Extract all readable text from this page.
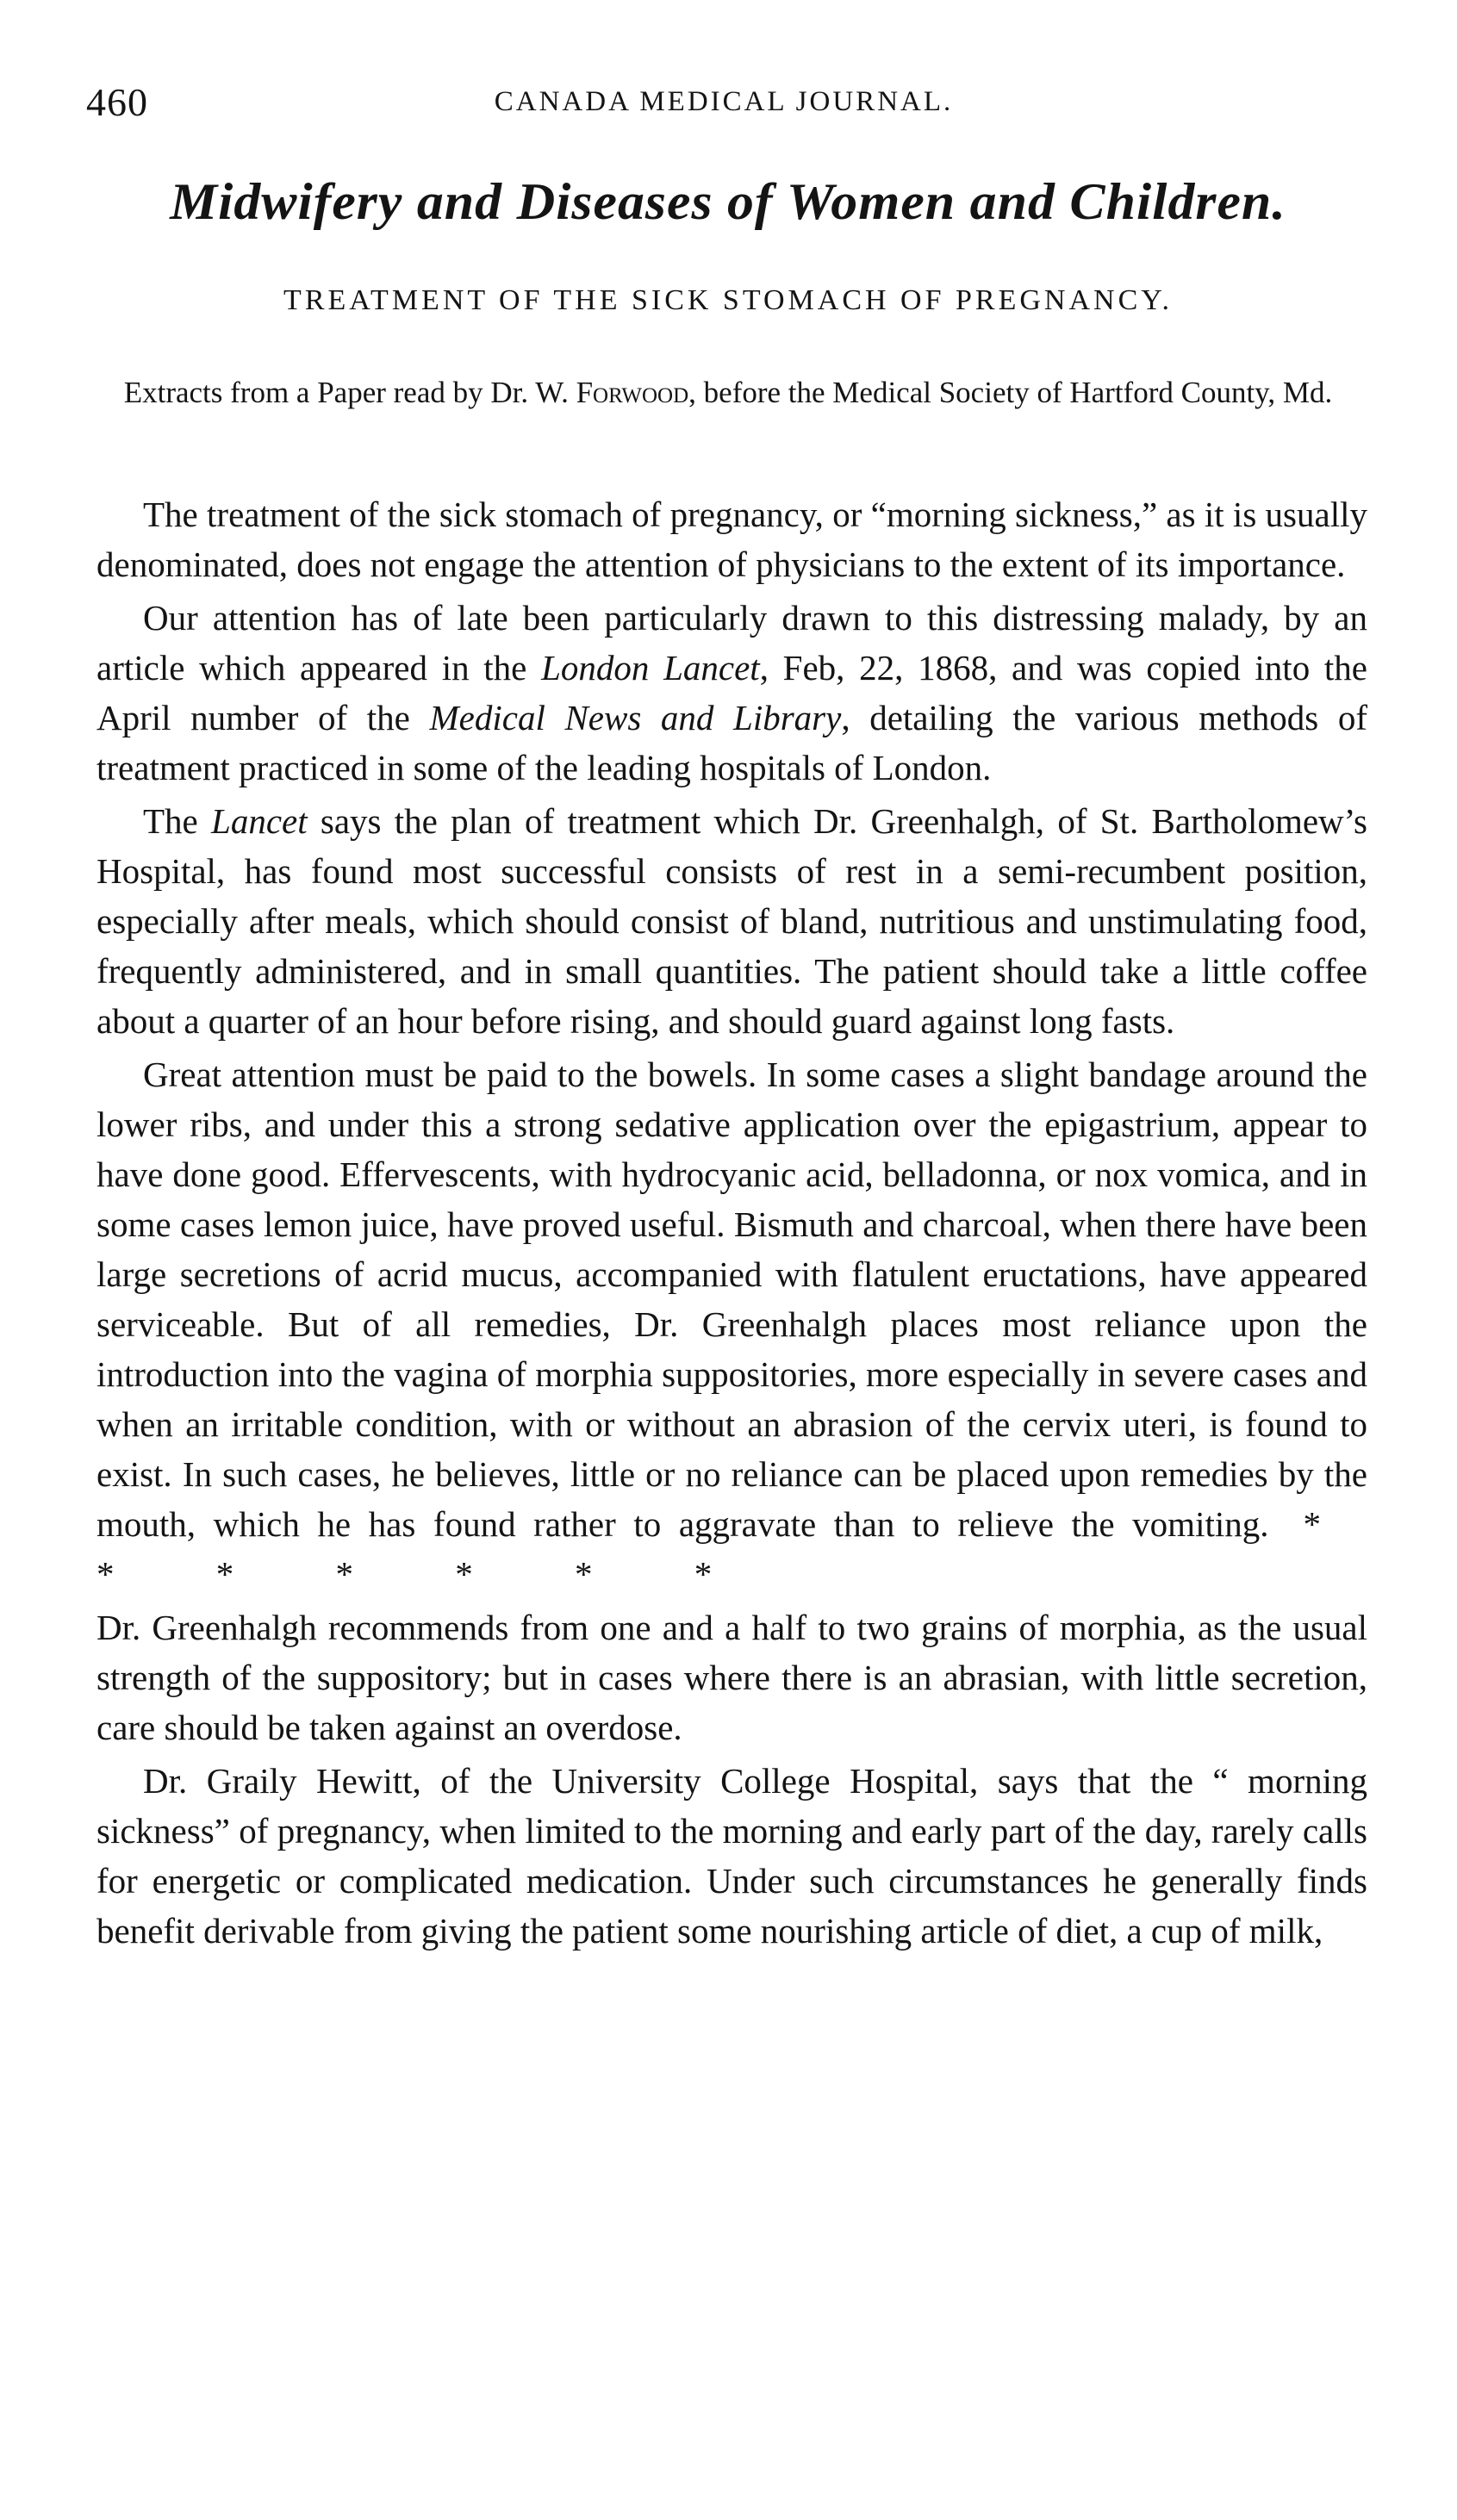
460	CANADA MEDICAL JOURNAL.
Midwifery and Diseases of Women and Children.
TREATMENT OF THE SICK STOMACH OF PREGNANCY.
Extracts from a Paper read by Dr. W. Forwood, before the Medical Society of Hartford County, Md.

The treatment of the sick stomach of pregnancy, or “morning sickness,” as it is usually denominated, does not engage the attention of physicians to the extent of its importance.

Our attention has of late been particularly drawn to this distressing malady, by an article which appeared in the London Lancet, Feb, 22, 1868, and was copied into the April number of the Medical News and Library, detailing the various methods of treatment practiced in some of the leading hospitals of London.

The Lancet says the plan of treatment which Dr. Greenhalgh, of St. Bartholomew’s Hospital, has found most successful consists of rest in a semi-recumbent position, especially after meals, which should consist of bland, nutritious and unstimulating food, frequently administered, and in small quantities. The patient should take a little coffee about a quarter of an hour before rising, and should guard against long fasts.

Great attention must be paid to the bowels. In some cases a slight bandage around the lower ribs, and under this a strong sedative application over the epigastrium, appear to have done good. Effervescents, with hydrocyanic acid, belladonna, or nox vomica, and in some cases lemon juice, have proved useful. Bismuth and charcoal, when there have been large secretions of acrid mucus, accompanied with flatulent eructations, have appeared serviceable. But of all remedies, Dr. Greenhalgh places most reliance upon the introduction into the vagina of morphia suppositories, more especially in severe cases and when an irritable condition, with or without an abrasion of the cervix uteri, is found to exist. In such cases, he believes, little or no reliance can be placed upon remedies by the mouth, which he has found rather to aggravate than to relieve the vomiting. * * * * * * *

Dr. Greenhalgh recommends from one and a half to two grains of morphia, as the usual strength of the suppository; but in cases where there is an abrasian, with little secretion, care should be taken against an overdose.

Dr. Graily Hewitt, of the University College Hospital, says that the “ morning sickness” of pregnancy, when limited to the morning and early part of the day, rarely calls for energetic or complicated medication. Under such circumstances he generally finds benefit derivable from giving the patient some nourishing article of diet, a cup of milk,
